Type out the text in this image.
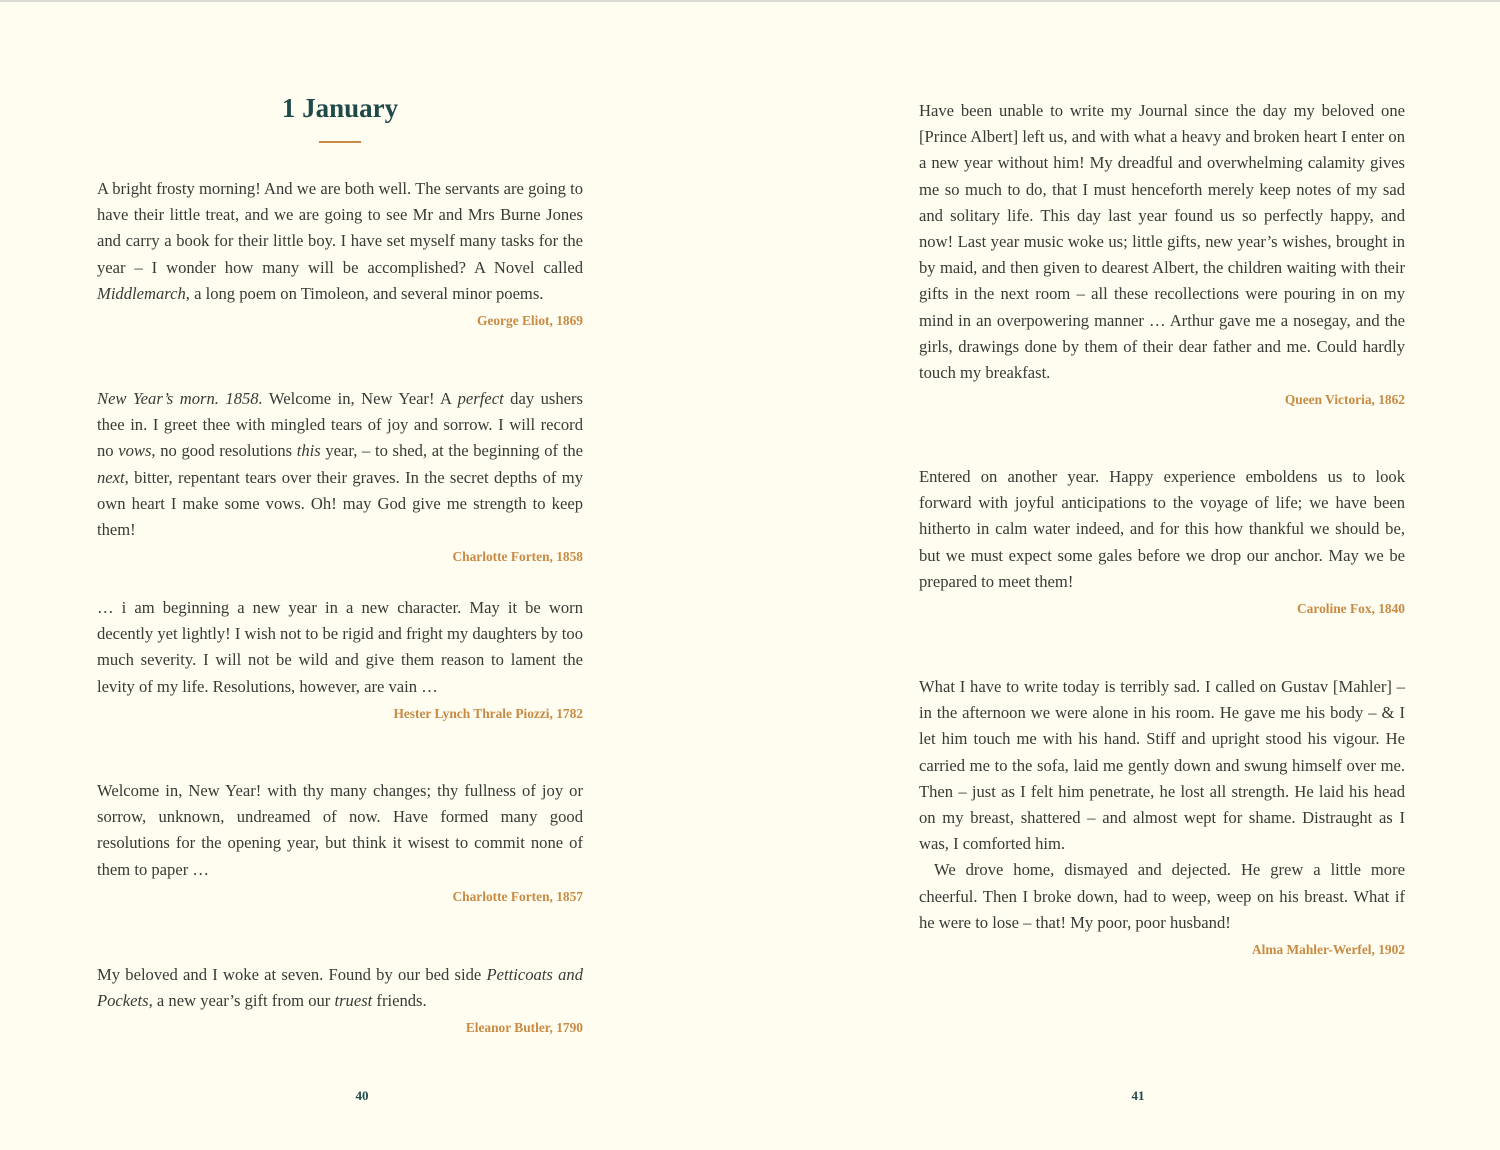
1 January

A bright frosty morning! And we are both well. The servants are going to have their little treat, and we are going to see Mr and Mrs Burne Jones and carry a book for their little boy. I have set myself many tasks for the year – I wonder how many will be accomplished? A Novel called Middlemarch, a long poem on Timoleon, and several minor poems.

George Eliot, 1869

New Year’s morn. 1858. Welcome in, New Year! A perfect day ushers thee in. I greet thee with mingled tears of joy and sorrow. I will record no vows, no good resolutions this year, – to shed, at the beginning of the next, bitter, repentant tears over their graves. In the secret depths of my own heart I make some vows. Oh! may God give me strength to keep them!

Charlotte Forten, 1858

… i am beginning a new year in a new character. May it be worn decently yet lightly! I wish not to be rigid and fright my daughters by too much severity. I will not be wild and give them reason to lament the levity of my life. Resolutions, however, are vain …

Hester Lynch Thrale Piozzi, 1782

Welcome in, New Year! with thy many changes; thy fullness of joy or sorrow, unknown, undreamed of now. Have formed many good resolutions for the opening year, but think it wisest to commit none of them to paper …

Charlotte Forten, 1857

My beloved and I woke at seven. Found by our bed side Petticoats and Pockets, a new year’s gift from our truest friends.

Eleanor Butler, 1790
40

Have been unable to write my Journal since the day my beloved one [Prince Albert] left us, and with what a heavy and broken heart I enter on a new year without him! My dreadful and overwhelming calamity gives me so much to do, that I must henceforth merely keep notes of my sad and solitary life. This day last year found us so perfectly happy, and now! Last year music woke us; little gifts, new year’s wishes, brought in by maid, and then given to dearest Albert, the children waiting with their gifts in the next room – all these recollections were pouring in on my mind in an overpowering manner … Arthur gave me a nosegay, and the girls, drawings done by them of their dear father and me. Could hardly touch my breakfast.

Queen Victoria, 1862

Entered on another year. Happy experience emboldens us to look forward with joyful anticipations to the voyage of life; we have been hitherto in calm water indeed, and for this how thankful we should be, but we must expect some gales before we drop our anchor. May we be prepared to meet them!

Caroline Fox, 1840

What I have to write today is terribly sad. I called on Gustav [Mahler] – in the afternoon we were alone in his room. He gave me his body – & I let him touch me with his hand. Stiff and upright stood his vigour. He carried me to the sofa, laid me gently down and swung himself over me. Then – just as I felt him penetrate, he lost all strength. He laid his head on my breast, shattered – and almost wept for shame. Distraught as I was, I comforted him.

We drove home, dismayed and dejected. He grew a little more cheerful. Then I broke down, had to weep, weep on his breast. What if he were to lose – that! My poor, poor husband!

Alma Mahler-Werfel, 1902
41
